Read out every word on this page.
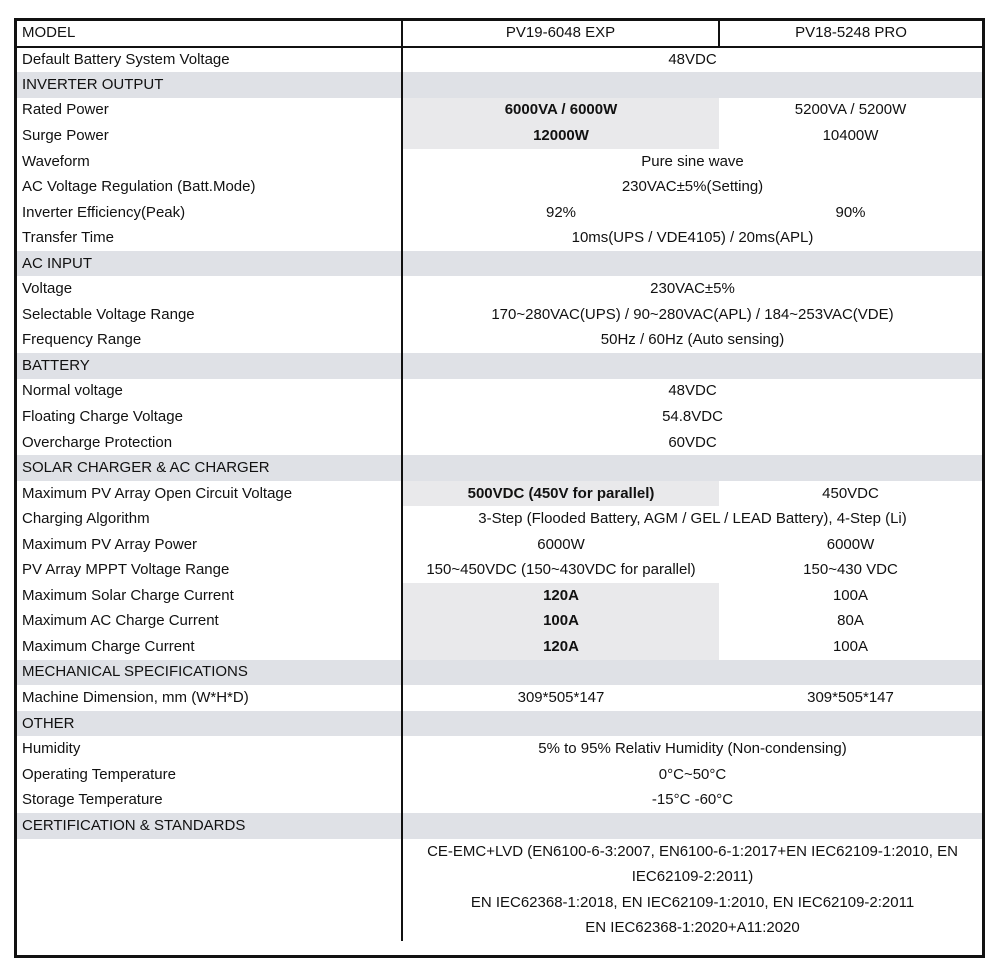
MODEL	PV19-6048 EXP	PV18-5248 PRO
Default Battery System Voltage	48VDC	
INVERTER OUTPUT		
Rated Power	6000VA / 6000W	5200VA / 5200W
Surge Power	12000W	10400W
Waveform	Pure sine wave	
AC Voltage Regulation (Batt.Mode)	230VAC±5%(Setting)	
Inverter Efficiency(Peak)	92%	90%
Transfer Time	10ms(UPS / VDE4105) / 20ms(APL)	
AC INPUT		
Voltage	230VAC±5%	
Selectable Voltage Range	170~280VAC(UPS) / 90~280VAC(APL) / 184~253VAC(VDE)	
Frequency Range	50Hz / 60Hz (Auto sensing)	
BATTERY		
Normal voltage	48VDC	
Floating Charge Voltage	54.8VDC	
Overcharge Protection	60VDC	
SOLAR CHARGER & AC CHARGER		
Maximum PV Array Open Circuit Voltage	500VDC (450V for parallel)	450VDC
Charging Algorithm	3-Step (Flooded Battery, AGM / GEL / LEAD Battery), 4-Step (Li)	
Maximum PV Array Power	6000W	6000W
PV Array MPPT Voltage Range	150~450VDC (150~430VDC for parallel)	150~430 VDC
Maximum Solar Charge Current	120A	100A
Maximum AC Charge Current	100A	80A
Maximum Charge Current	120A	100A
MECHANICAL SPECIFICATIONS		
Machine Dimension, mm (W*H*D)	309*505*147	309*505*147
OTHER		
Humidity	5% to 95% Relativ Humidity (Non-condensing)	
Operating Temperature	0°C~50°C	
Storage Temperature	-15°C -60°C	
CERTIFICATION & STANDARDS		

	CE-EMC+LVD (EN6100-6-3:2007, EN6100-6-1:2017+EN IEC62109-1:2010, EN IEC62109-2:2011)
EN IEC62368-1:2018, EN IEC62109-1:2010, EN IEC62109-2:2011
EN IEC62368-1:2020+A11:2020	
